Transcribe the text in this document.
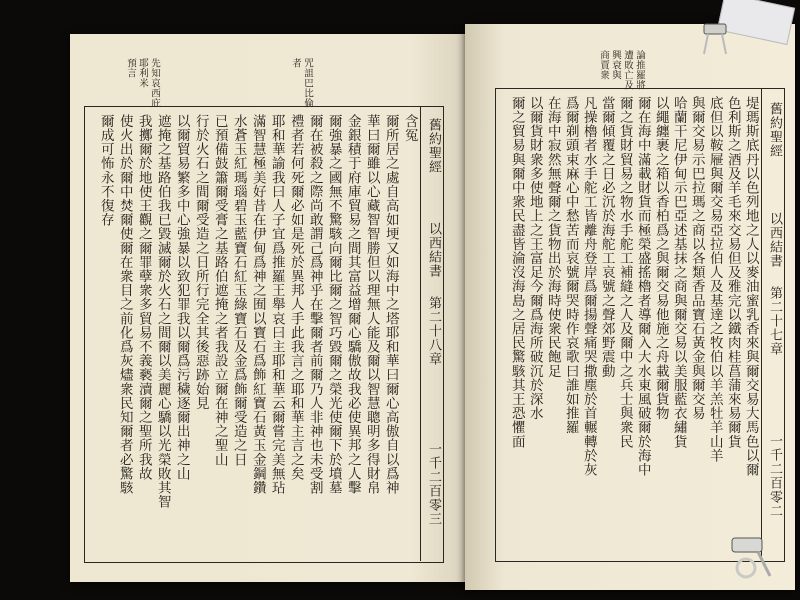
先知哀西庇
耶利米
預言	咒詛巴比倫
者
舊約聖經
以西結書
第二十八章
一千二百零三
含冤
爾所居之處自高如埂又如海中之塔耶和華曰爾心高傲自以爲神
華曰爾雖以心藏智智勝但以理無人能及爾以智慧聰明多得財帛
金銀積于府庫貿易之間其富益增爾心驕傲故我必使異邦之人擊
爾強暴之國無不驚駭向爾比爾之智巧毀爾之榮光使爾下於墳墓
爾在被殺之際尚敢謂己爲神乎在擊爾者前爾乃人非神也未受割
禮者若何死爾必如是死於異邦人手此我言之耶和華主言之矣
耶和華諭我曰人子宜爲推羅王舉哀曰主耶和華云爾嘗完美無玷
滿智慧極美好昔在伊甸爲神之囿以寶石爲飾紅寶石黃玉金鋼鑽
水蒼玉紅瑪瑙碧玉藍寶石紅玉綠寶石及金爲飾爾受造之日
已預備鼓簫爾受膏之基路伯遮掩之者我設立爾在神之聖山
行於火石之間爾受造之日所行完全其後惡跡始見
以爾貿易繁多中心強暴以致犯罪我以爾爲污穢逐爾出神之山
遮掩之基路伯我已毀滅爾於火石之間爾以美麗心驕以光榮敗其智
我擲爾於地使王觀之爾罪孽衆多貿易不義褻瀆爾之聖所我故
使火出於爾中焚爾使爾在衆目之前化爲灰燼衆民知爾者必驚駭
爾成可怖永不復存
論推羅將
遭敗亡及
興衰與
商賈衆
舊約聖經
以西結書
第二十七章
一千二百零二
堤瑪斯底丹以色列地之人以麥油蜜乳香來與爾交易大馬色以爾
色利斯之酒及羊毛來交易但及雅完以鐵肉桂菖蒲來易爾貨
底但以鞍屜與爾交易亞拉伯人及基達之牧伯以羊羔牡羊山羊
與爾交易示巴拉瑪之商以各類香品寶石黃金與爾交易
哈蘭干尼伊甸示巴亞述基抹之商與爾交易以美服藍衣繡貨
以繩纏裹之箱以香柏爲之與爾交易他施之舟載爾貨物
爾在海中滿載財貨而極榮盛搖櫓者導爾入大水東風破爾於海中
爾之貨財貿易之物水手舵工補縫之人及爾中之兵士與衆民
當爾傾覆之日必沉於海舵工哀號之聲郊野震動
凡操櫓者水手舵工皆離舟登岸爲爾揚聲痛哭撒塵於首輾轉於灰
爲爾剃頭束麻心中愁苦而哀號爾哭時作哀歌曰誰如推羅
在海中寂然無聲爾之貨物出於海時使衆民飽足
以爾貨財衆多使地上之王富足今爾爲海所破沉於深水
爾之貿易與爾中衆民盡皆淪沒海島之居民驚駭其王恐懼面
